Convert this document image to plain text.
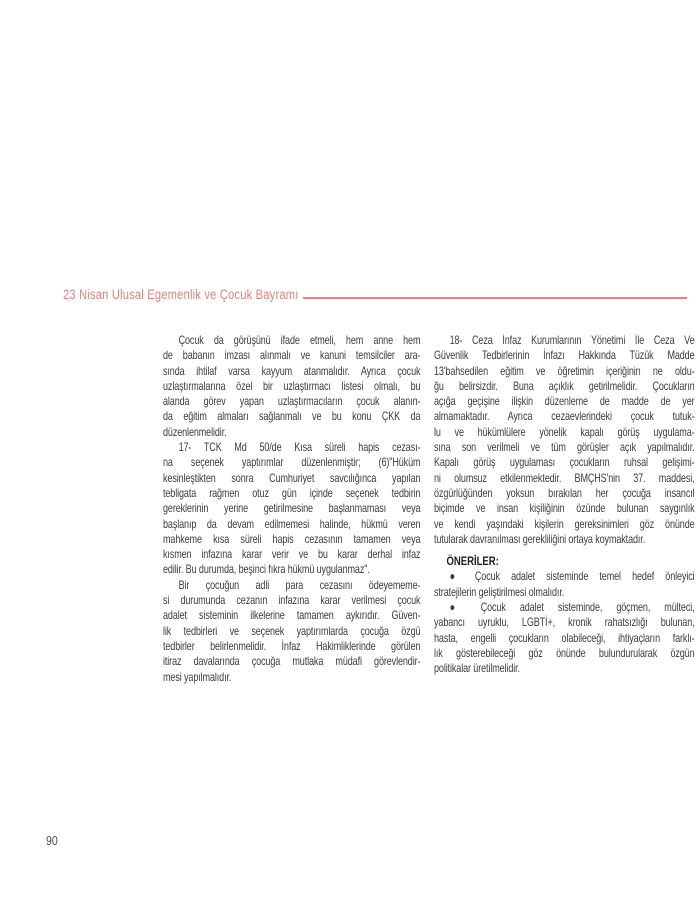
23 Nisan Ulusal Egemenlik ve Çocuk Bayramı
Çocuk da görüşünü ifade etmeli, hem anne hem
de babanın imzası alınmalı ve kanuni temsilciler ara-
sında ihtilaf varsa kayyum atanmalıdır. Ayrıca çocuk
uzlaştırmalarına özel bir uzlaştırmacı listesi olmalı, bu
alanda görev yapan uzlaştırmacıların çocuk alanın-
da eğitim almaları sağlanmalı ve bu konu ÇKK da
düzenlenmelidir.
17- TCK Md 50/de Kısa süreli hapis cezası-
na seçenek yaptırımlar düzenlenmiştir; (6)"Hüküm
kesinleştikten sonra Cumhuriyet savcılığınca yapılan
tebligata rağmen otuz gün içinde seçenek tedbirin
gereklerinin yerine getirilmesine başlanmaması veya
başlanıp da devam edilmemesi halinde, hükmü veren
mahkeme kısa süreli hapis cezasının tamamen veya
kısmen infazına karar verir ve bu karar derhal infaz
edilir. Bu durumda, beşinci fıkra hükmü uygulanmaz".
Bir çocuğun adli para cezasını ödeyememe-
si durumunda cezanın infazına karar verilmesi çocuk
adalet sisteminin ilkelerine tamamen aykırıdır. Güven-
lik tedbirleri ve seçenek yaptırımlarda çocuğa özgü
tedbirler belirlenmelidir. İnfaz Hakimliklerinde görülen
itiraz davalarında çocuğa mutlaka müdafi görevlendir-
mesi yapılmalıdır.
18- Ceza İnfaz Kurumlarının Yönetimi İle Ceza Ve
Güvenlik Tedbirlerinin İnfazı Hakkında Tüzük Madde
13'bahsedilen eğitim ve öğretimin içeriğinin ne oldu-
ğu belirsizdir. Buna açıklık getirilmelidir. Çocukların
açığa geçişine ilişkin düzenleme de madde de yer
almamaktadır. Ayrıca cezaevlerindeki çocuk tutuk-
lu ve hükümlülere yönelik kapalı görüş uygulama-
sına son verilmeli ve tüm görüşler açık yapılmalıdır.
Kapalı görüş uygulaması çocukların ruhsal gelişimi-
ni olumsuz etkilenmektedir. BMÇHS'nin 37. maddesi,
özgürlüğünden yoksun bırakılan her çocuğa insancıl
biçimde ve insan kişiliğinin özünde bulunan saygınlık
ve kendi yaşındaki kişilerin gereksinimleri göz önünde
tutularak davranılması gerekliliğini ortaya koymaktadır.
ÖNERİLER:
● Çocuk adalet sisteminde temel hedef önleyici
stratejilerin geliştirilmesi olmalıdır.
● Çocuk adalet sisteminde, göçmen, mülteci,
yabancı uyruklu, LGBTİ+, kronik rahatsızlığı bulunan,
hasta, engelli çocukların olabileceği, ihtiyaçların farklı-
lık gösterebileceği göz önünde bulundurularak özgün
politikalar üretilmelidir.
90
